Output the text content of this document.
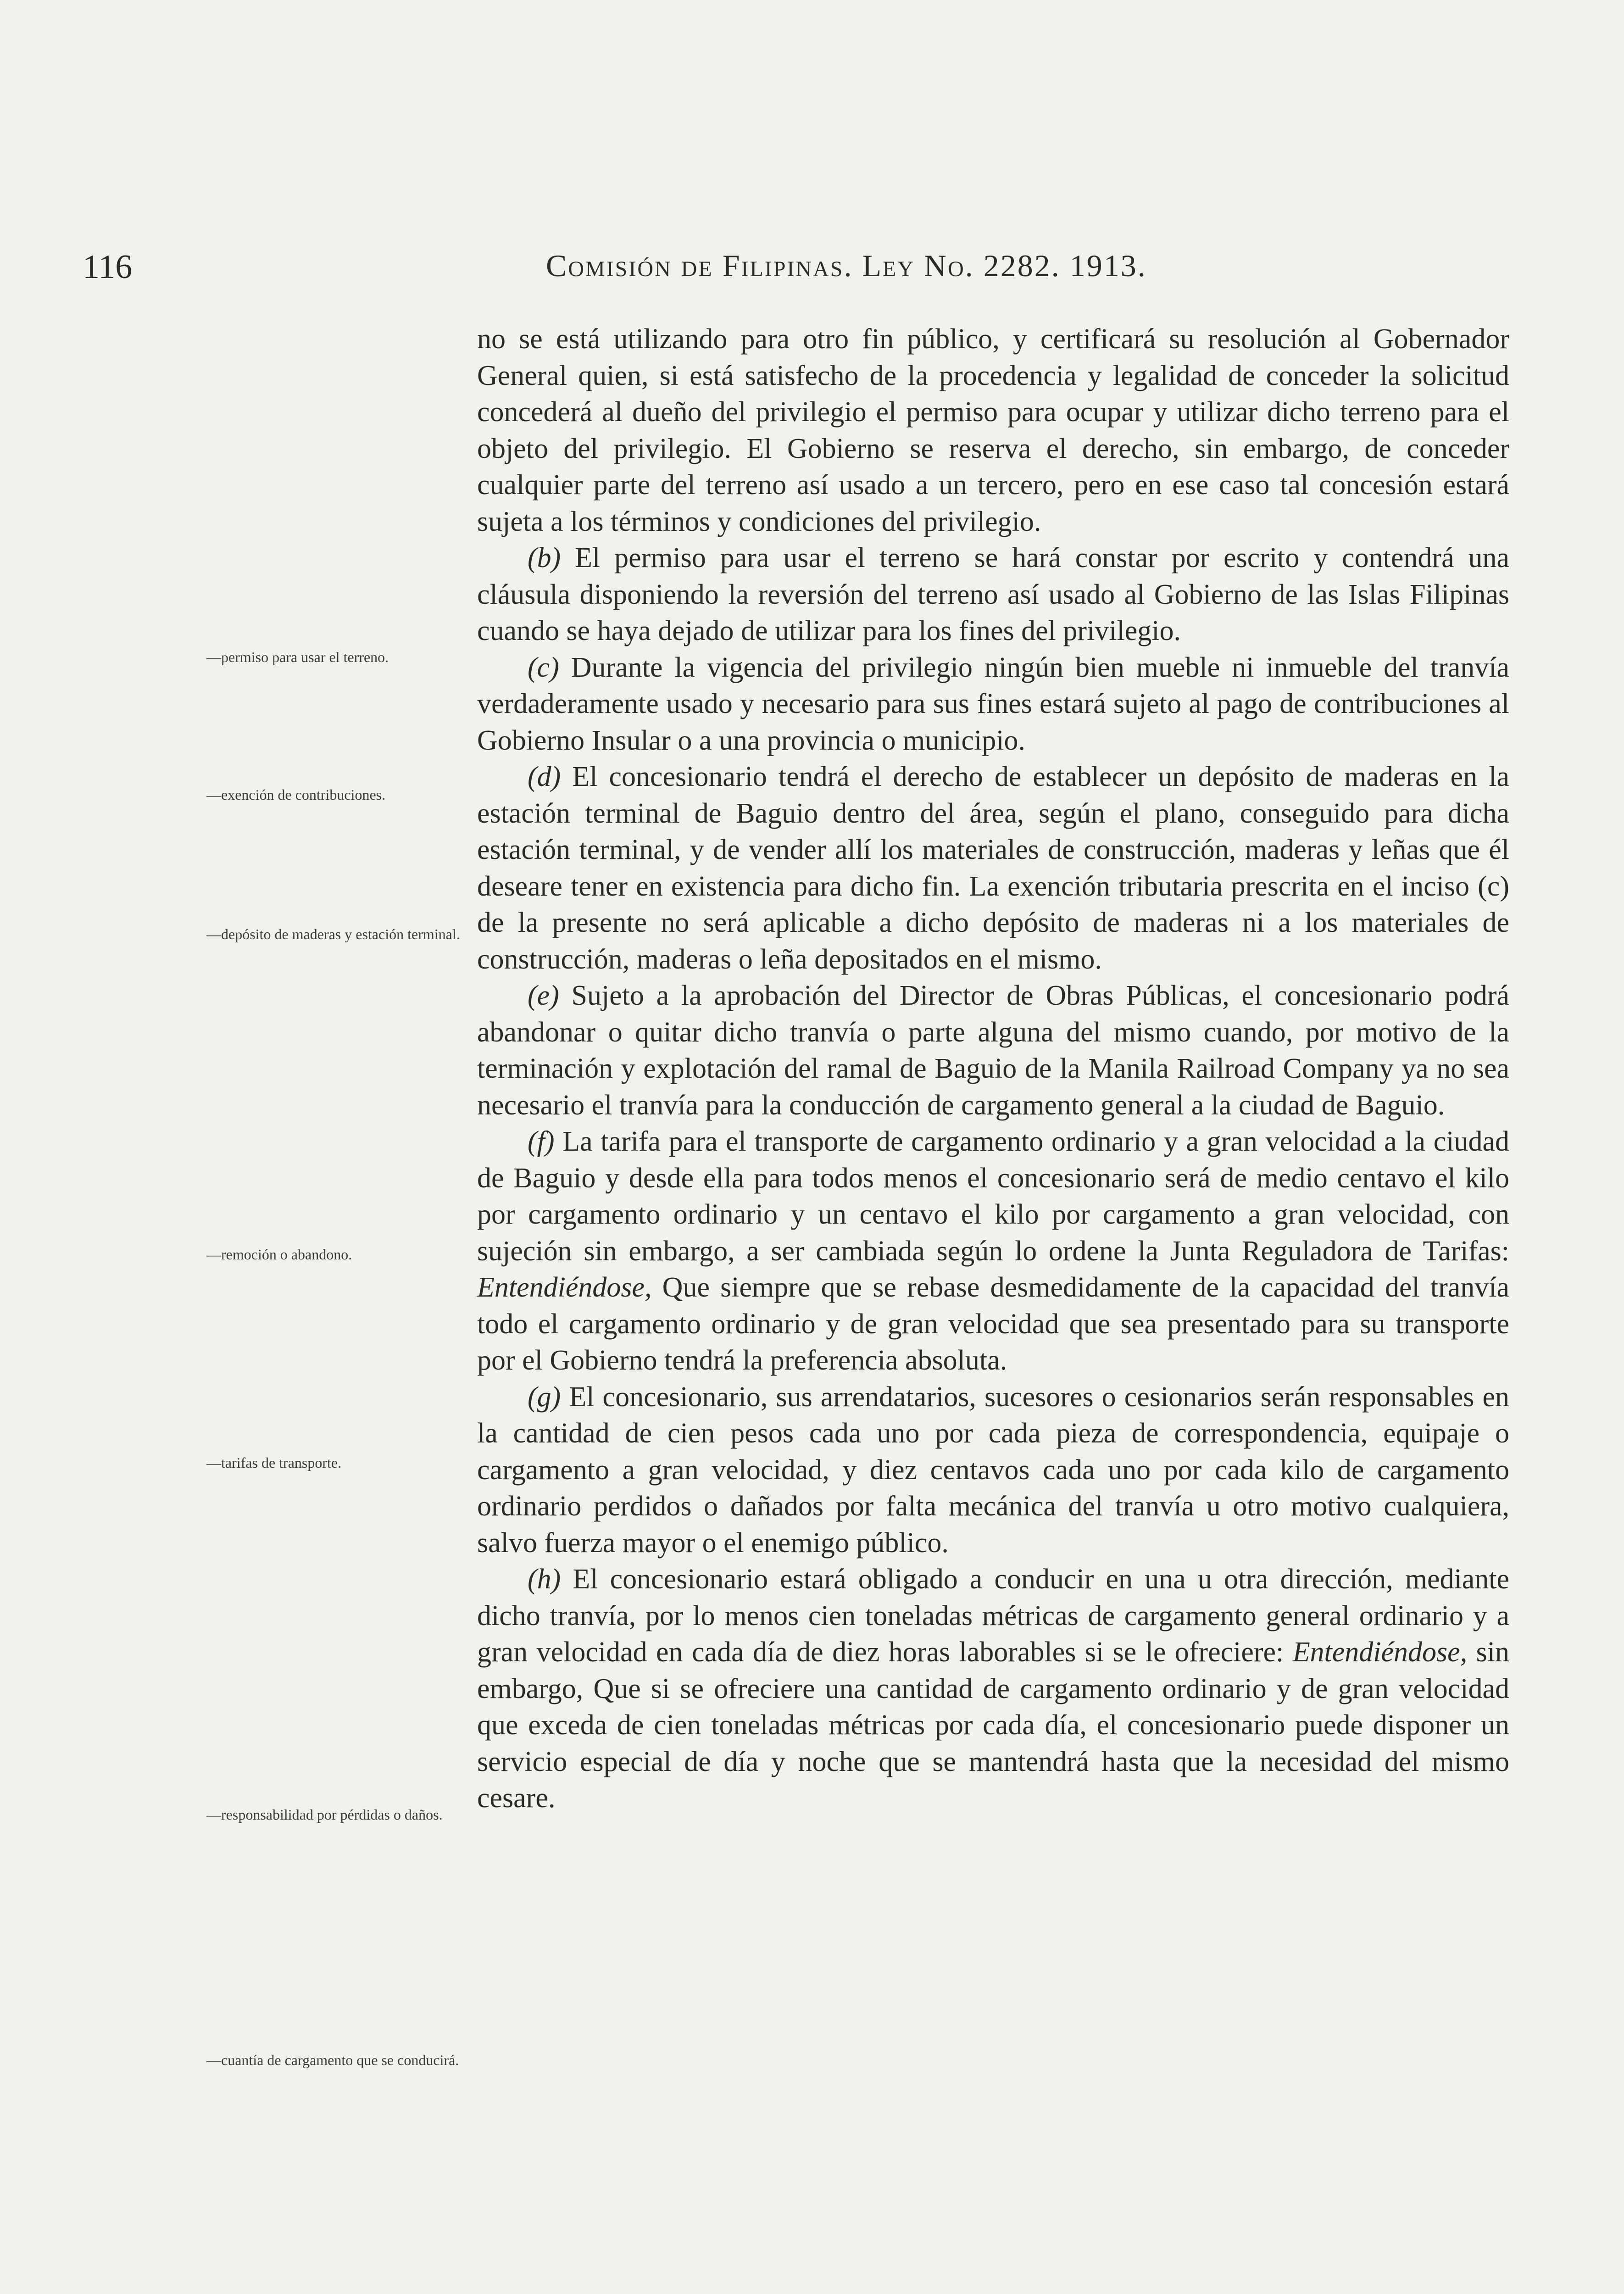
116	Comisión de Filipinas. Ley No. 2282. 1913.
—permiso para usar el terreno.
—exención de contribuciones.
—depósito de maderas y estación terminal.
—remoción o abandono.
—tarifas de transporte.
—responsabilidad por pérdidas o daños.
—cuantía de cargamento que se conducirá.

no se está utilizando para otro fin público, y certificará su resolución al Gobernador General quien, si está satisfecho de la procedencia y legalidad de conceder la solicitud concederá al dueño del privilegio el permiso para ocupar y utilizar dicho terreno para el objeto del privilegio. El Gobierno se reserva el derecho, sin embargo, de conceder cualquier parte del terreno así usado a un tercero, pero en ese caso tal concesión estará sujeta a los términos y condiciones del privilegio.

(b) El permiso para usar el terreno se hará constar por escrito y contendrá una cláusula disponiendo la reversión del terreno así usado al Gobierno de las Islas Filipinas cuando se haya dejado de utilizar para los fines del privilegio.

(c) Durante la vigencia del privilegio ningún bien mueble ni inmueble del tranvía verdaderamente usado y necesario para sus fines estará sujeto al pago de contribuciones al Gobierno Insular o a una provincia o municipio.

(d) El concesionario tendrá el derecho de establecer un depósito de maderas en la estación terminal de Baguio dentro del área, según el plano, conseguido para dicha estación terminal, y de vender allí los materiales de construcción, maderas y leñas que él deseare tener en existencia para dicho fin. La exención tributaria prescrita en el inciso (c) de la presente no será aplicable a dicho depósito de maderas ni a los materiales de construcción, maderas o leña depositados en el mismo.

(e) Sujeto a la aprobación del Director de Obras Públicas, el concesionario podrá abandonar o quitar dicho tranvía o parte alguna del mismo cuando, por motivo de la terminación y explotación del ramal de Baguio de la Manila Railroad Company ya no sea necesario el tranvía para la conducción de cargamento general a la ciudad de Baguio.

(f) La tarifa para el transporte de cargamento ordinario y a gran velocidad a la ciudad de Baguio y desde ella para todos menos el concesionario será de medio centavo el kilo por cargamento ordinario y un centavo el kilo por cargamento a gran velocidad, con sujeción sin embargo, a ser cambiada según lo ordene la Junta Reguladora de Tarifas: Entendiéndose, Que siempre que se rebase desmedidamente de la capacidad del tranvía todo el cargamento ordinario y de gran velocidad que sea presentado para su transporte por el Gobierno tendrá la preferencia absoluta.

(g) El concesionario, sus arrendatarios, sucesores o cesionarios serán responsables en la cantidad de cien pesos cada uno por cada pieza de correspondencia, equipaje o cargamento a gran velocidad, y diez centavos cada uno por cada kilo de cargamento ordinario perdidos o dañados por falta mecánica del tranvía u otro motivo cualquiera, salvo fuerza mayor o el enemigo público.

(h) El concesionario estará obligado a conducir en una u otra dirección, mediante dicho tranvía, por lo menos cien toneladas métricas de cargamento general ordinario y a gran velocidad en cada día de diez horas laborables si se le ofreciere: Entendiéndose, sin embargo, Que si se ofreciere una cantidad de cargamento ordinario y de gran velocidad que exceda de cien toneladas métricas por cada día, el concesionario puede disponer un servicio especial de día y noche que se mantendrá hasta que la necesidad del mismo cesare.
